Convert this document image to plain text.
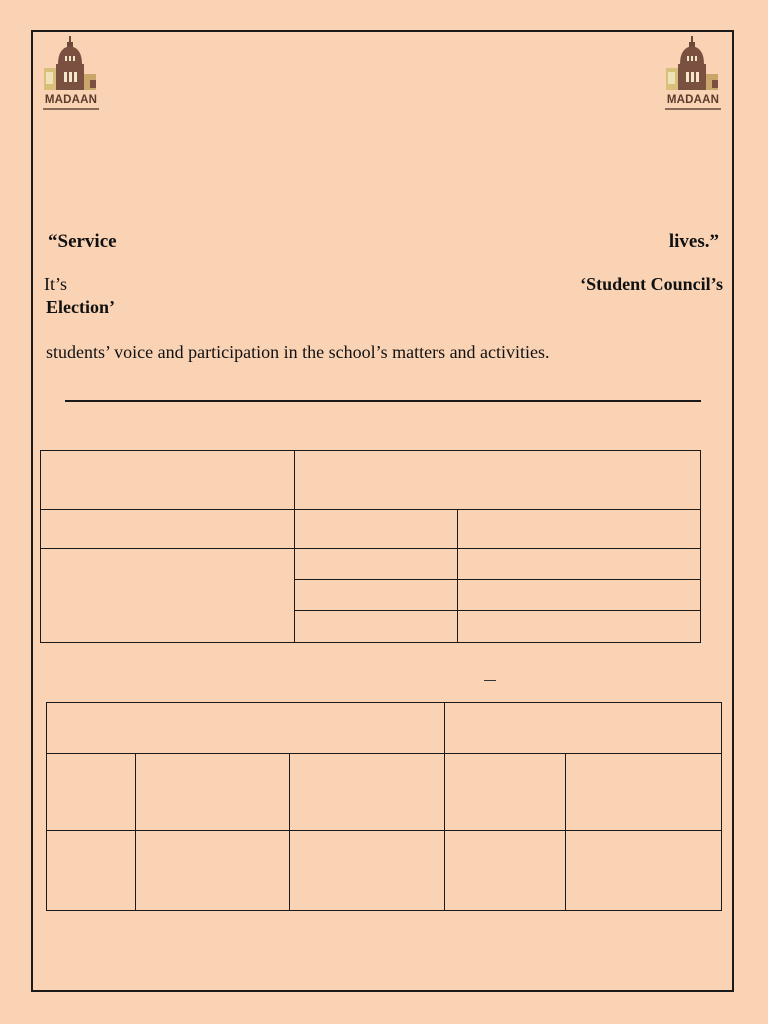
MADAAN	MADAAN
“Service	lives.”
It’s	‘Student Council’s
Election’
students’ voice and participation in the school’s matters and activities.
